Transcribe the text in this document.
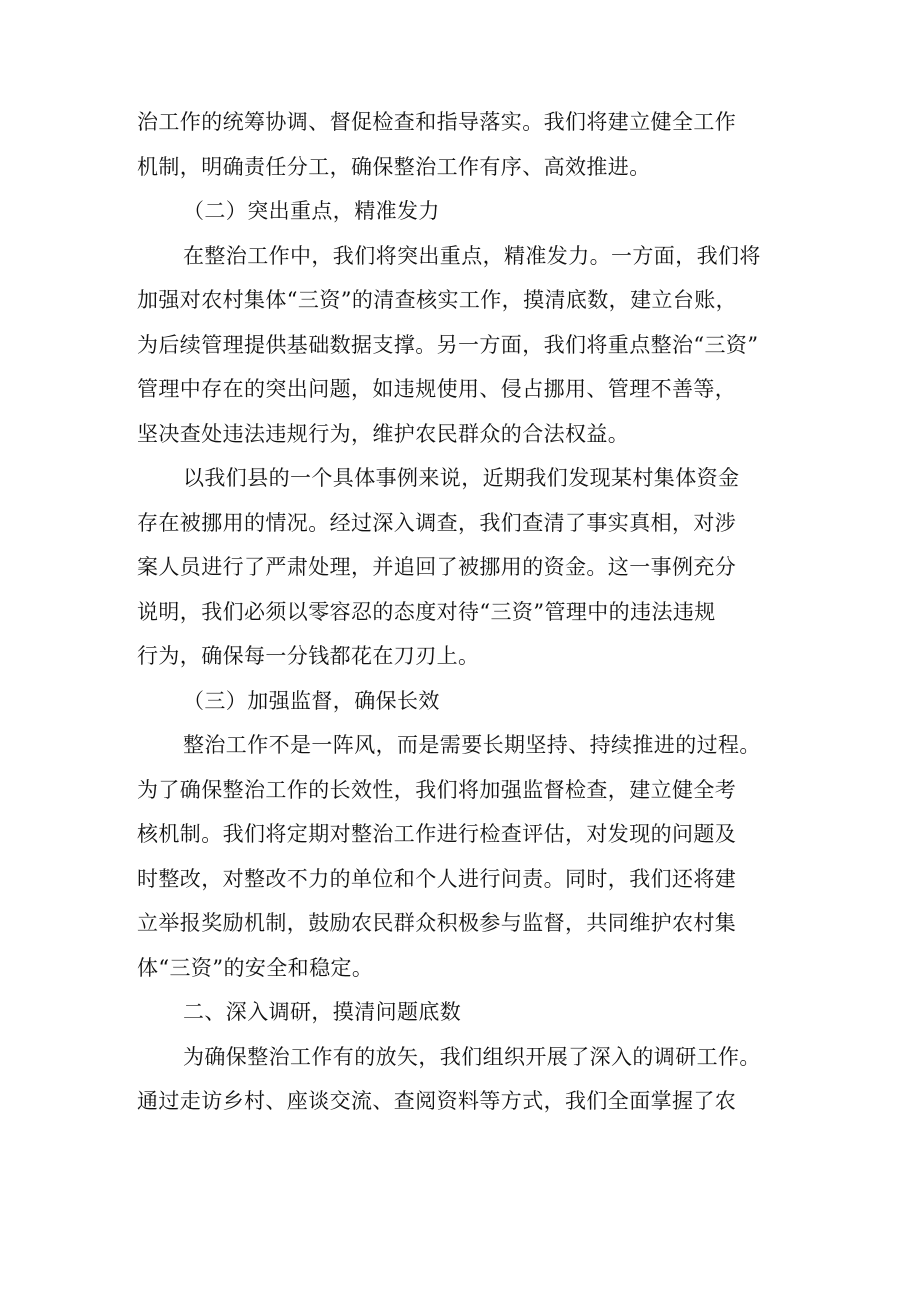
治工作的统筹协调、督促检查和指导落实。我们将建立健全工作
机制，明确责任分工，确保整治工作有序、高效推进。
（二）突出重点，精准发力
在整治工作中，我们将突出重点，精准发力。一方面，我们将
加强对农村集体“三资”的清查核实工作，摸清底数，建立台账，
为后续管理提供基础数据支撑。另一方面，我们将重点整治“三资”
管理中存在的突出问题，如违规使用、侵占挪用、管理不善等，
坚决查处违法违规行为，维护农民群众的合法权益。
以我们县的一个具体事例来说，近期我们发现某村集体资金
存在被挪用的情况。经过深入调查，我们查清了事实真相，对涉
案人员进行了严肃处理，并追回了被挪用的资金。这一事例充分
说明，我们必须以零容忍的态度对待“三资”管理中的违法违规
行为，确保每一分钱都花在刀刃上。
（三）加强监督，确保长效
整治工作不是一阵风，而是需要长期坚持、持续推进的过程。
为了确保整治工作的长效性，我们将加强监督检查，建立健全考
核机制。我们将定期对整治工作进行检查评估，对发现的问题及
时整改，对整改不力的单位和个人进行问责。同时，我们还将建
立举报奖励机制，鼓励农民群众积极参与监督，共同维护农村集
体“三资”的安全和稳定。
二、深入调研，摸清问题底数
为确保整治工作有的放矢，我们组织开展了深入的调研工作。
通过走访乡村、座谈交流、查阅资料等方式，我们全面掌握了农
